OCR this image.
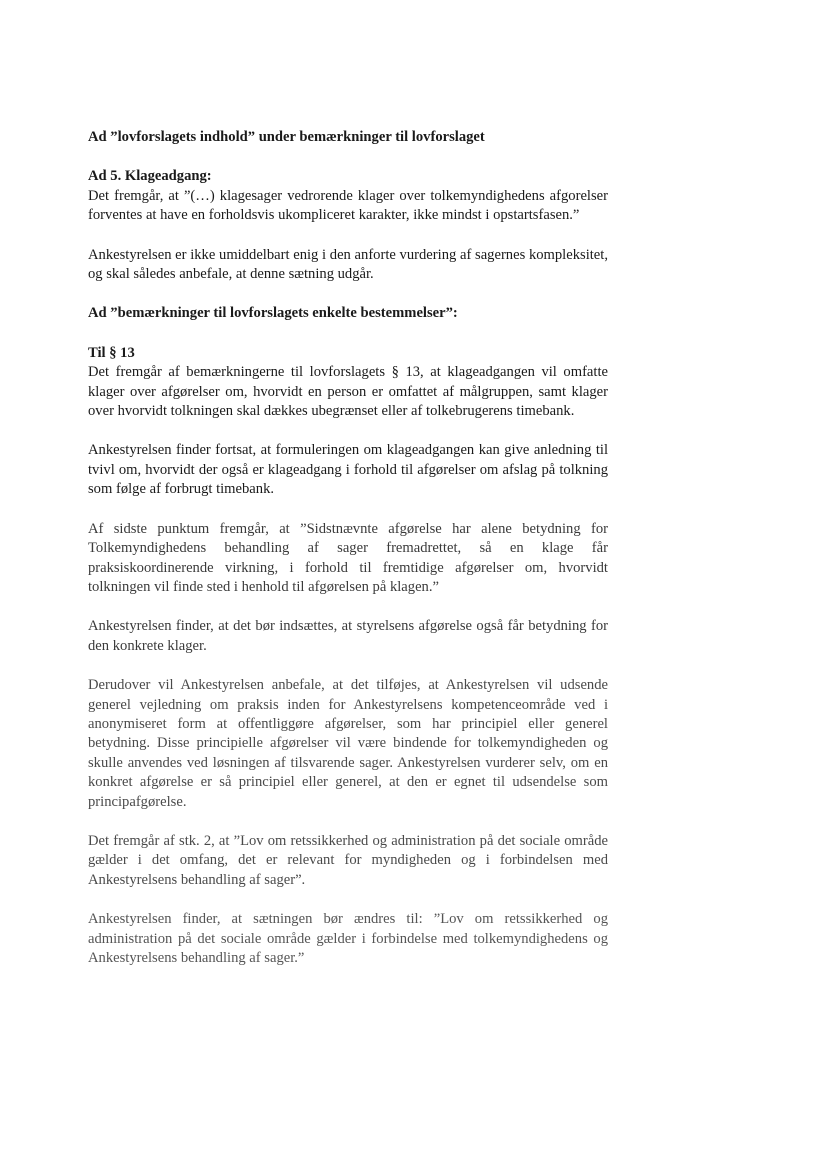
Ad ”lovforslagets indhold” under bemærkninger til lovforslaget

Ad 5. Klageadgang:

Det fremgår, at ”(…) klagesager vedrorende klager over tolkemyndighedens afgorelser forventes at have en forholdsvis ukompliceret karakter, ikke mindst i opstartsfasen.”

Ankestyrelsen er ikke umiddelbart enig i den anforte vurdering af sagernes kompleksitet, og skal således anbefale, at denne sætning udgår.

Ad ”bemærkninger til lovforslagets enkelte bestemmelser”:

Til § 13

Det fremgår af bemærkningerne til lovforslagets § 13, at klageadgangen vil omfatte klager over afgørelser om, hvorvidt en person er omfattet af målgruppen, samt klager over hvorvidt tolkningen skal dækkes ubegrænset eller af tolkebrugerens timebank.

Ankestyrelsen finder fortsat, at formuleringen om klageadgangen kan give anledning til tvivl om, hvorvidt der også er klageadgang i forhold til afgørelser om afslag på tolkning som følge af forbrugt timebank.

Af sidste punktum fremgår, at ”Sidstnævnte afgørelse har alene betydning for Tolkemyndighedens behandling af sager fremadrettet, så en klage får praksiskoordinerende virkning, i forhold til fremtidige afgørelser om, hvorvidt tolkningen vil finde sted i henhold til afgørelsen på klagen.”

Ankestyrelsen finder, at det bør indsættes, at styrelsens afgørelse også får betydning for den konkrete klager.

Derudover vil Ankestyrelsen anbefale, at det tilføjes, at Ankestyrelsen vil udsende generel vejledning om praksis inden for Ankestyrelsens kompetenceområde ved i anonymiseret form at offentliggøre afgørelser, som har principiel eller generel betydning. Disse principielle afgørelser vil være bindende for tolkemyndigheden og skulle anvendes ved løsningen af tilsvarende sager. Ankestyrelsen vurderer selv, om en konkret afgørelse er så principiel eller generel, at den er egnet til udsendelse som principafgørelse.

Det fremgår af stk. 2, at ”Lov om retssikkerhed og administration på det sociale område gælder i det omfang, det er relevant for myndigheden og i forbindelsen med Ankestyrelsens behandling af sager”.

Ankestyrelsen finder, at sætningen bør ændres til: ”Lov om retssikkerhed og administration på det sociale område gælder i forbindelse med tolkemyndighedens og Ankestyrelsens behandling af sager.”
